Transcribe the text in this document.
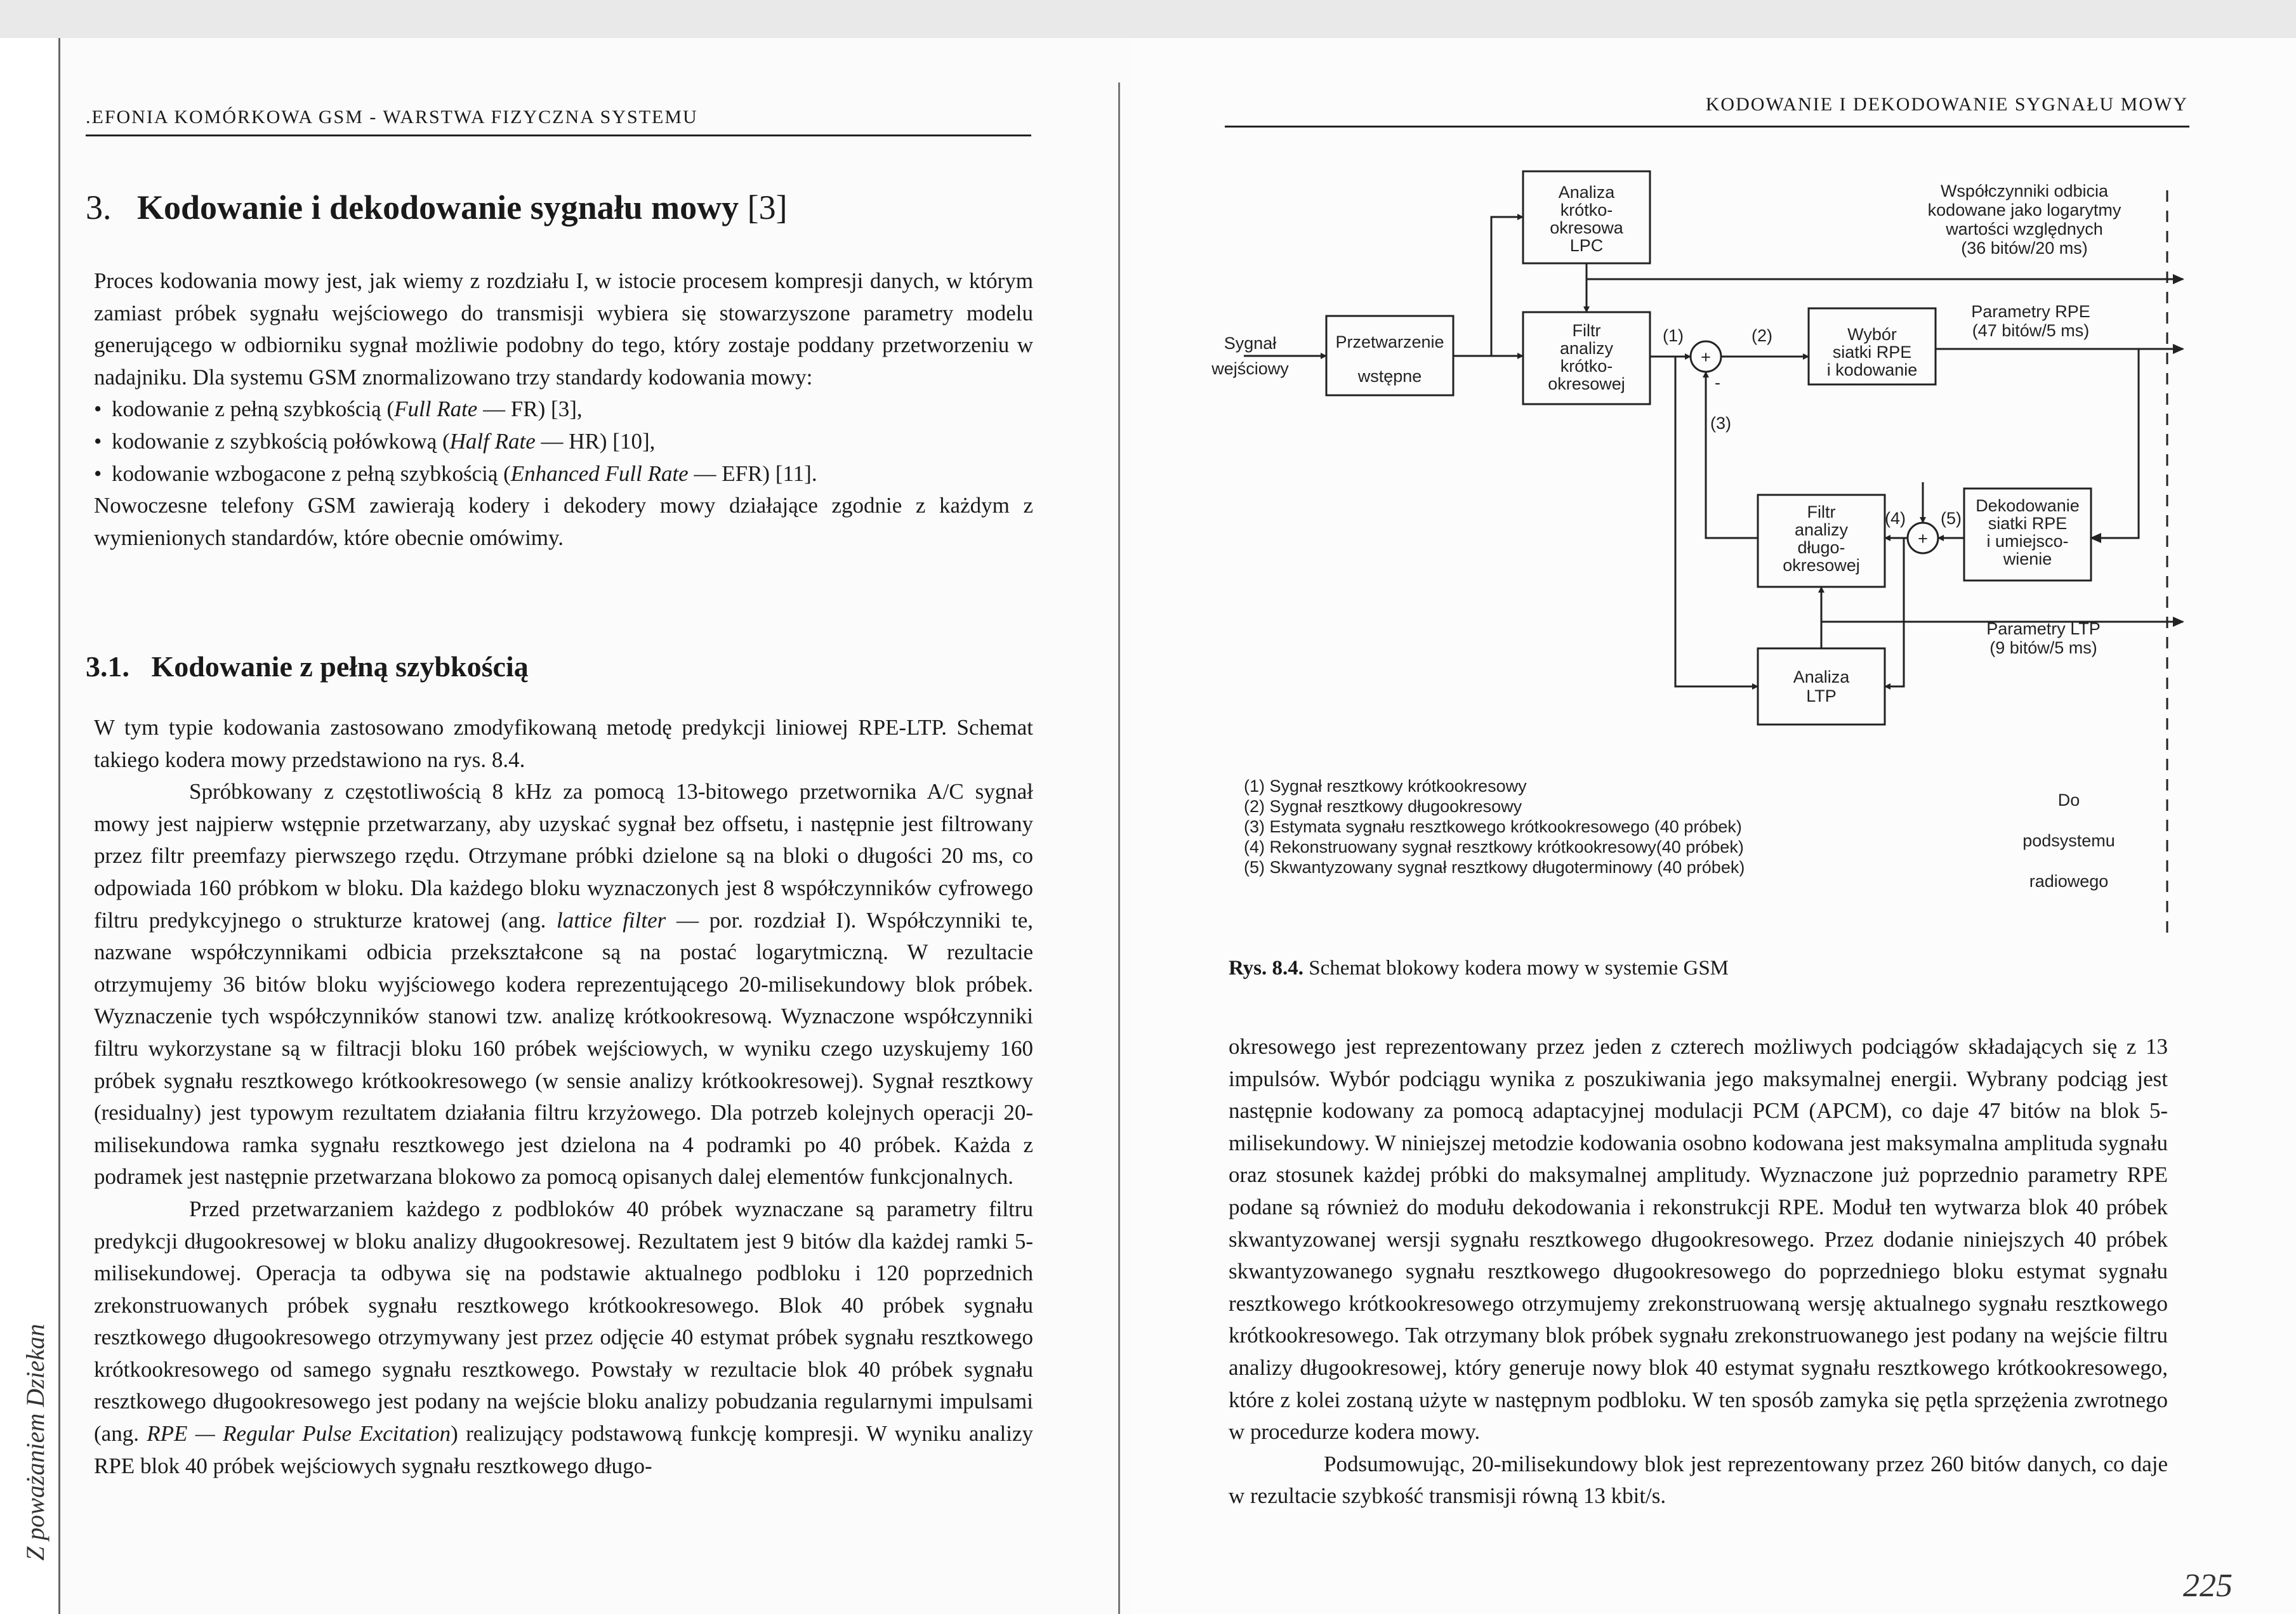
.EFONIA KOMÓRKOWA GSM - WARSTWA FIZYCZNA SYSTEMU
3. Kodowanie i dekodowanie sygnału mowy [3]

Proces kodowania mowy jest, jak wiemy z rozdziału I, w istocie procesem kompresji danych, w którym zamiast próbek sygnału wejściowego do transmisji wybiera się stowarzyszone parametry modelu generującego w odbiorniku sygnał możliwie podobny do tego, który zostaje poddany przetworzeniu w nadajniku. Dla systemu GSM znormalizowano trzy standardy kodowania mowy:

• kodowanie z pełną szybkością (Full Rate — FR) [3],
• kodowanie z szybkością połówkową (Half Rate — HR) [10],
• kodowanie wzbogacone z pełną szybkością (Enhanced Full Rate — EFR) [11].

Nowoczesne telefony GSM zawierają kodery i dekodery mowy działające zgodnie z każdym z wymienionych standardów, które obecnie omówimy.

3.1. Kodowanie z pełną szybkością

W tym typie kodowania zastosowano zmodyfikowaną metodę predykcji liniowej RPE-LTP. Schemat takiego kodera mowy przedstawiono na rys. 8.4.

Spróbkowany z częstotliwością 8 kHz za pomocą 13-bitowego przetwornika A/C sygnał mowy jest najpierw wstępnie przetwarzany, aby uzyskać sygnał bez offsetu, i następnie jest filtrowany przez filtr preemfazy pierwszego rzędu. Otrzymane próbki dzielone są na bloki o długości 20 ms, co odpowiada 160 próbkom w bloku. Dla każdego bloku wyznaczonych jest 8 współczynników cyfrowego filtru predykcyjnego o strukturze kratowej (ang. lattice filter — por. rozdział I). Współczynniki te, nazwane współczynnikami odbicia przekształcone są na postać logarytmiczną. W rezultacie otrzymujemy 36 bitów bloku wyjściowego kodera reprezentującego 20-milisekundowy blok próbek. Wyznaczenie tych współczynników stanowi tzw. analizę krótkookresową. Wyznaczone współczynniki filtru wykorzystane są w filtracji bloku 160 próbek wejściowych, w wyniku czego uzyskujemy 160 próbek sygnału resztkowego krótkookresowego (w sensie analizy krótkookresowej). Sygnał resztkowy (residualny) jest typowym rezultatem działania filtru krzyżowego. Dla potrzeb kolejnych operacji 20-milisekundowa ramka sygnału resztkowego jest dzielona na 4 podramki po 40 próbek. Każda z podramek jest następnie przetwarzana blokowo za pomocą opisanych dalej elementów funkcjonalnych.

Przed przetwarzaniem każdego z podbloków 40 próbek wyznaczane są parametry filtru predykcji długookresowej w bloku analizy długookresowej. Rezultatem jest 9 bitów dla każdej ramki 5-milisekundowej. Operacja ta odbywa się na podstawie aktualnego podbloku i 120 poprzednich zrekonstruowanych próbek sygnału resztkowego krótkookresowego. Blok 40 próbek sygnału resztkowego długookresowego otrzymywany jest przez odjęcie 40 estymat próbek sygnału resztkowego krótkookresowego od samego sygnału resztkowego. Powstały w rezultacie blok 40 próbek sygnału resztkowego długookresowego jest podany na wejście bloku analizy pobudzania regularnymi impulsami (ang. RPE — Regular Pulse Excitation) realizujący podstawową funkcję kompresji. W wyniku analizy RPE blok 40 próbek wejściowych sygnału resztkowego długo-

Z poważaniem Dziekan
KODOWANIE I DEKODOWANIE SYGNAŁU MOWY
Analiza
krótko-
okresowa
LPC
Przetwarzenie
wstępne
Filtr
analizy
krótko-
okresowej
Wybór
siatki RPE
i kodowanie
Filtr
analizy
długo-
okresowej
Dekodowanie
siatki RPE
i umiejsco-
wienie
Analiza
LTP
Sygnał
wejściowy
Współczynniki odbicia
kodowane jako logarytmy
wartości względnych
(36 bitów/20 ms)
Parametry RPE
(47 bitów/5 ms)
Parametry LTP
(9 bitów/5 ms)
Do
podsystemu
radiowego
+
+
(1)	(2)
(3)
(4) (5)
-
(1) Sygnał resztkowy krótkookresowy
(2) Sygnał resztkowy długookresowy
(3) Estymata sygnału resztkowego krótkookresowego (40 próbek)
(4) Rekonstruowany sygnał resztkowy krótkookresowy(40 próbek)
(5) Skwantyzowany sygnał resztkowy długoterminowy (40 próbek)
Rys. 8.4. Schemat blokowy kodera mowy w systemie GSM

okresowego jest reprezentowany przez jeden z czterech możliwych podciągów składających się z 13 impulsów. Wybór podciągu wynika z poszukiwania jego maksymalnej energii. Wybrany podciąg jest następnie kodowany za pomocą adaptacyjnej modulacji PCM (APCM), co daje 47 bitów na blok 5-milisekundowy. W niniejszej metodzie kodowania osobno kodowana jest maksymalna amplituda sygnału oraz stosunek każdej próbki do maksymalnej amplitudy. Wyznaczone już poprzednio parametry RPE podane są również do modułu dekodowania i rekonstrukcji RPE. Moduł ten wytwarza blok 40 próbek skwantyzowanej wersji sygnału resztkowego długookresowego. Przez dodanie niniejszych 40 próbek skwantyzowanego sygnału resztkowego długookresowego do poprzedniego bloku estymat sygnału resztkowego krótkookresowego otrzymujemy zrekonstruowaną wersję aktualnego sygnału resztkowego krótkookresowego. Tak otrzymany blok próbek sygnału zrekonstruowanego jest podany na wejście filtru analizy długookresowej, który generuje nowy blok 40 estymat sygnału resztkowego krótkookresowego, które z kolei zostaną użyte w następnym podbloku. W ten sposób zamyka się pętla sprzężenia zwrotnego w procedurze kodera mowy.

Podsumowując, 20-milisekundowy blok jest reprezentowany przez 260 bitów danych, co daje w rezultacie szybkość transmisji równą 13 kbit/s.

225
